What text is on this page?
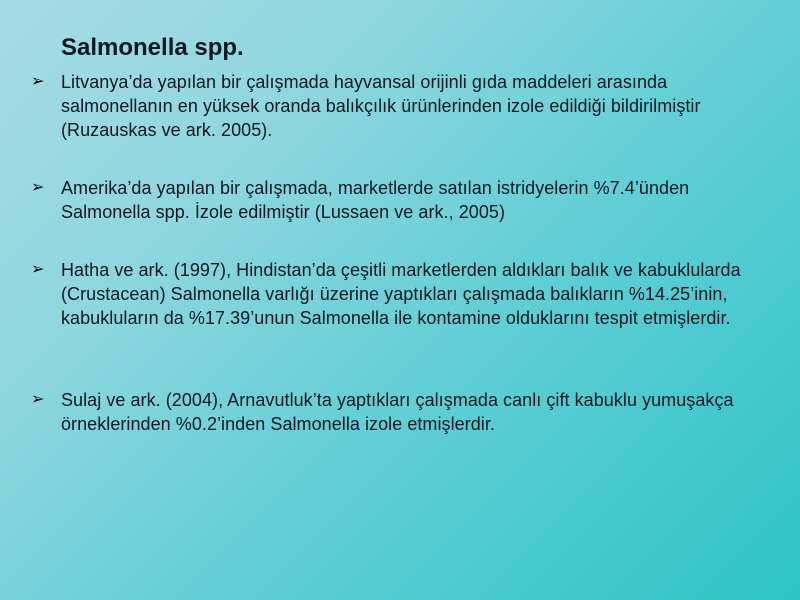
Salmonella spp.
➢ Litvanya’da yapılan bir çalışmada hayvansal orijinli gıda maddeleri arasında salmonellanın en yüksek oranda balıkçılık ürünlerinden izole edildiği bildirilmiştir (Ruzauskas ve ark. 2005).
➢ Amerika’da yapılan bir çalışmada, marketlerde satılan istridyelerin %7.4’ünden Salmonella spp. İzole edilmiştir (Lussaen ve ark., 2005)
➢ Hatha ve ark. (1997), Hindistan’da çeşitli marketlerden aldıkları balık ve kabuklularda (Crustacean) Salmonella varlığı üzerine yaptıkları çalışmada balıkların %14.25’inin, kabukluların da %17.39’unun Salmonella ile kontamine olduklarını tespit etmişlerdir.
➢ Sulaj ve ark. (2004), Arnavutluk’ta yaptıkları çalışmada canlı çift kabuklu yumuşakça örneklerinden %0.2’inden Salmonella izole etmişlerdir.
